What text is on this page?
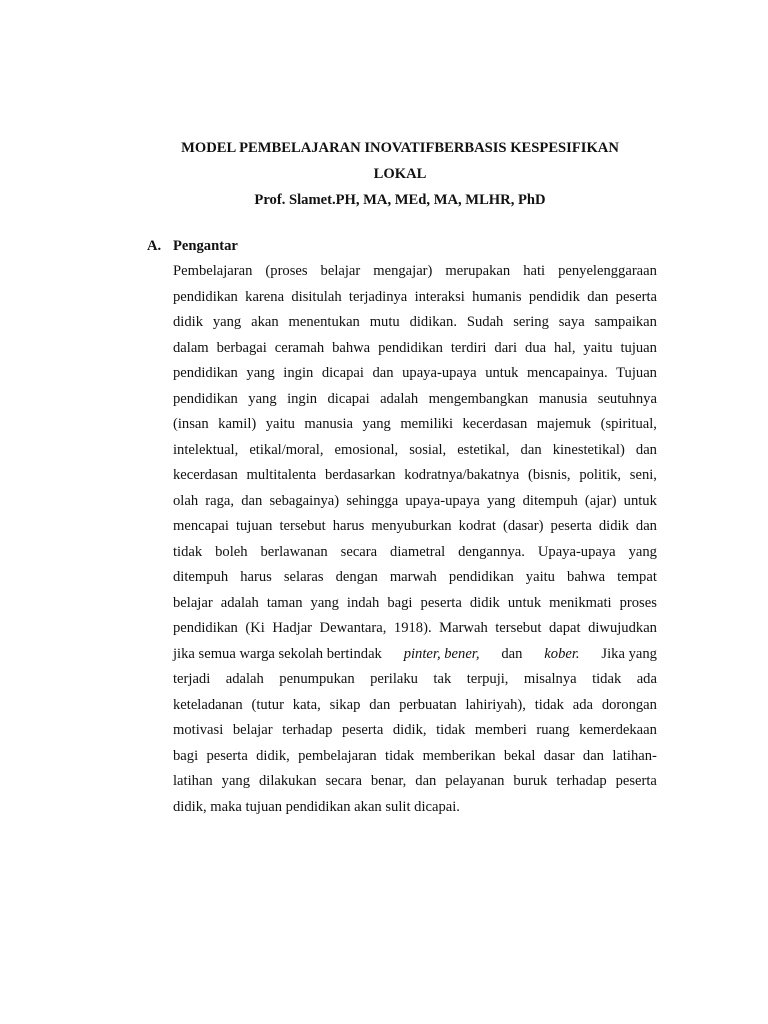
MODEL PEMBELAJARAN INOVATIFBERBASIS KESPESIFIKAN
LOKAL
Prof. Slamet.PH, MA, MEd, MA, MLHR, PhD
A. Pengantar
Pembelajaran (proses belajar mengajar) merupakan hati penyelenggaraan
pendidikan karena disitulah terjadinya interaksi humanis pendidik dan peserta
didik yang akan menentukan mutu didikan. Sudah sering saya sampaikan
dalam berbagai ceramah bahwa pendidikan terdiri dari dua hal, yaitu tujuan
pendidikan yang ingin dicapai dan upaya-upaya untuk mencapainya. Tujuan
pendidikan yang ingin dicapai adalah mengembangkan manusia seutuhnya
(insan kamil) yaitu manusia yang memiliki kecerdasan majemuk (spiritual,
intelektual, etikal/moral, emosional, sosial, estetikal, dan kinestetikal) dan
kecerdasan multitalenta berdasarkan kodratnya/bakatnya (bisnis, politik, seni,
olah raga, dan sebagainya) sehingga upaya-upaya yang ditempuh (ajar) untuk
mencapai tujuan tersebut harus menyuburkan kodrat (dasar) peserta didik dan
tidak boleh berlawanan secara diametral dengannya. Upaya-upaya yang
ditempuh harus selaras dengan marwah pendidikan yaitu bahwa tempat
belajar adalah taman yang indah bagi peserta didik untuk menikmati proses
pendidikan (Ki Hadjar Dewantara, 1918). Marwah tersebut dapat diwujudkan
jika semua warga sekolah bertindak pinter, bener, dan kober. Jika yang
terjadi adalah penumpukan perilaku tak terpuji, misalnya tidak ada
keteladanan (tutur kata, sikap dan perbuatan lahiriyah), tidak ada dorongan
motivasi belajar terhadap peserta didik, tidak memberi ruang kemerdekaan
bagi peserta didik, pembelajaran tidak memberikan bekal dasar dan latihan-
latihan yang dilakukan secara benar, dan pelayanan buruk terhadap peserta
didik, maka tujuan pendidikan akan sulit dicapai.
